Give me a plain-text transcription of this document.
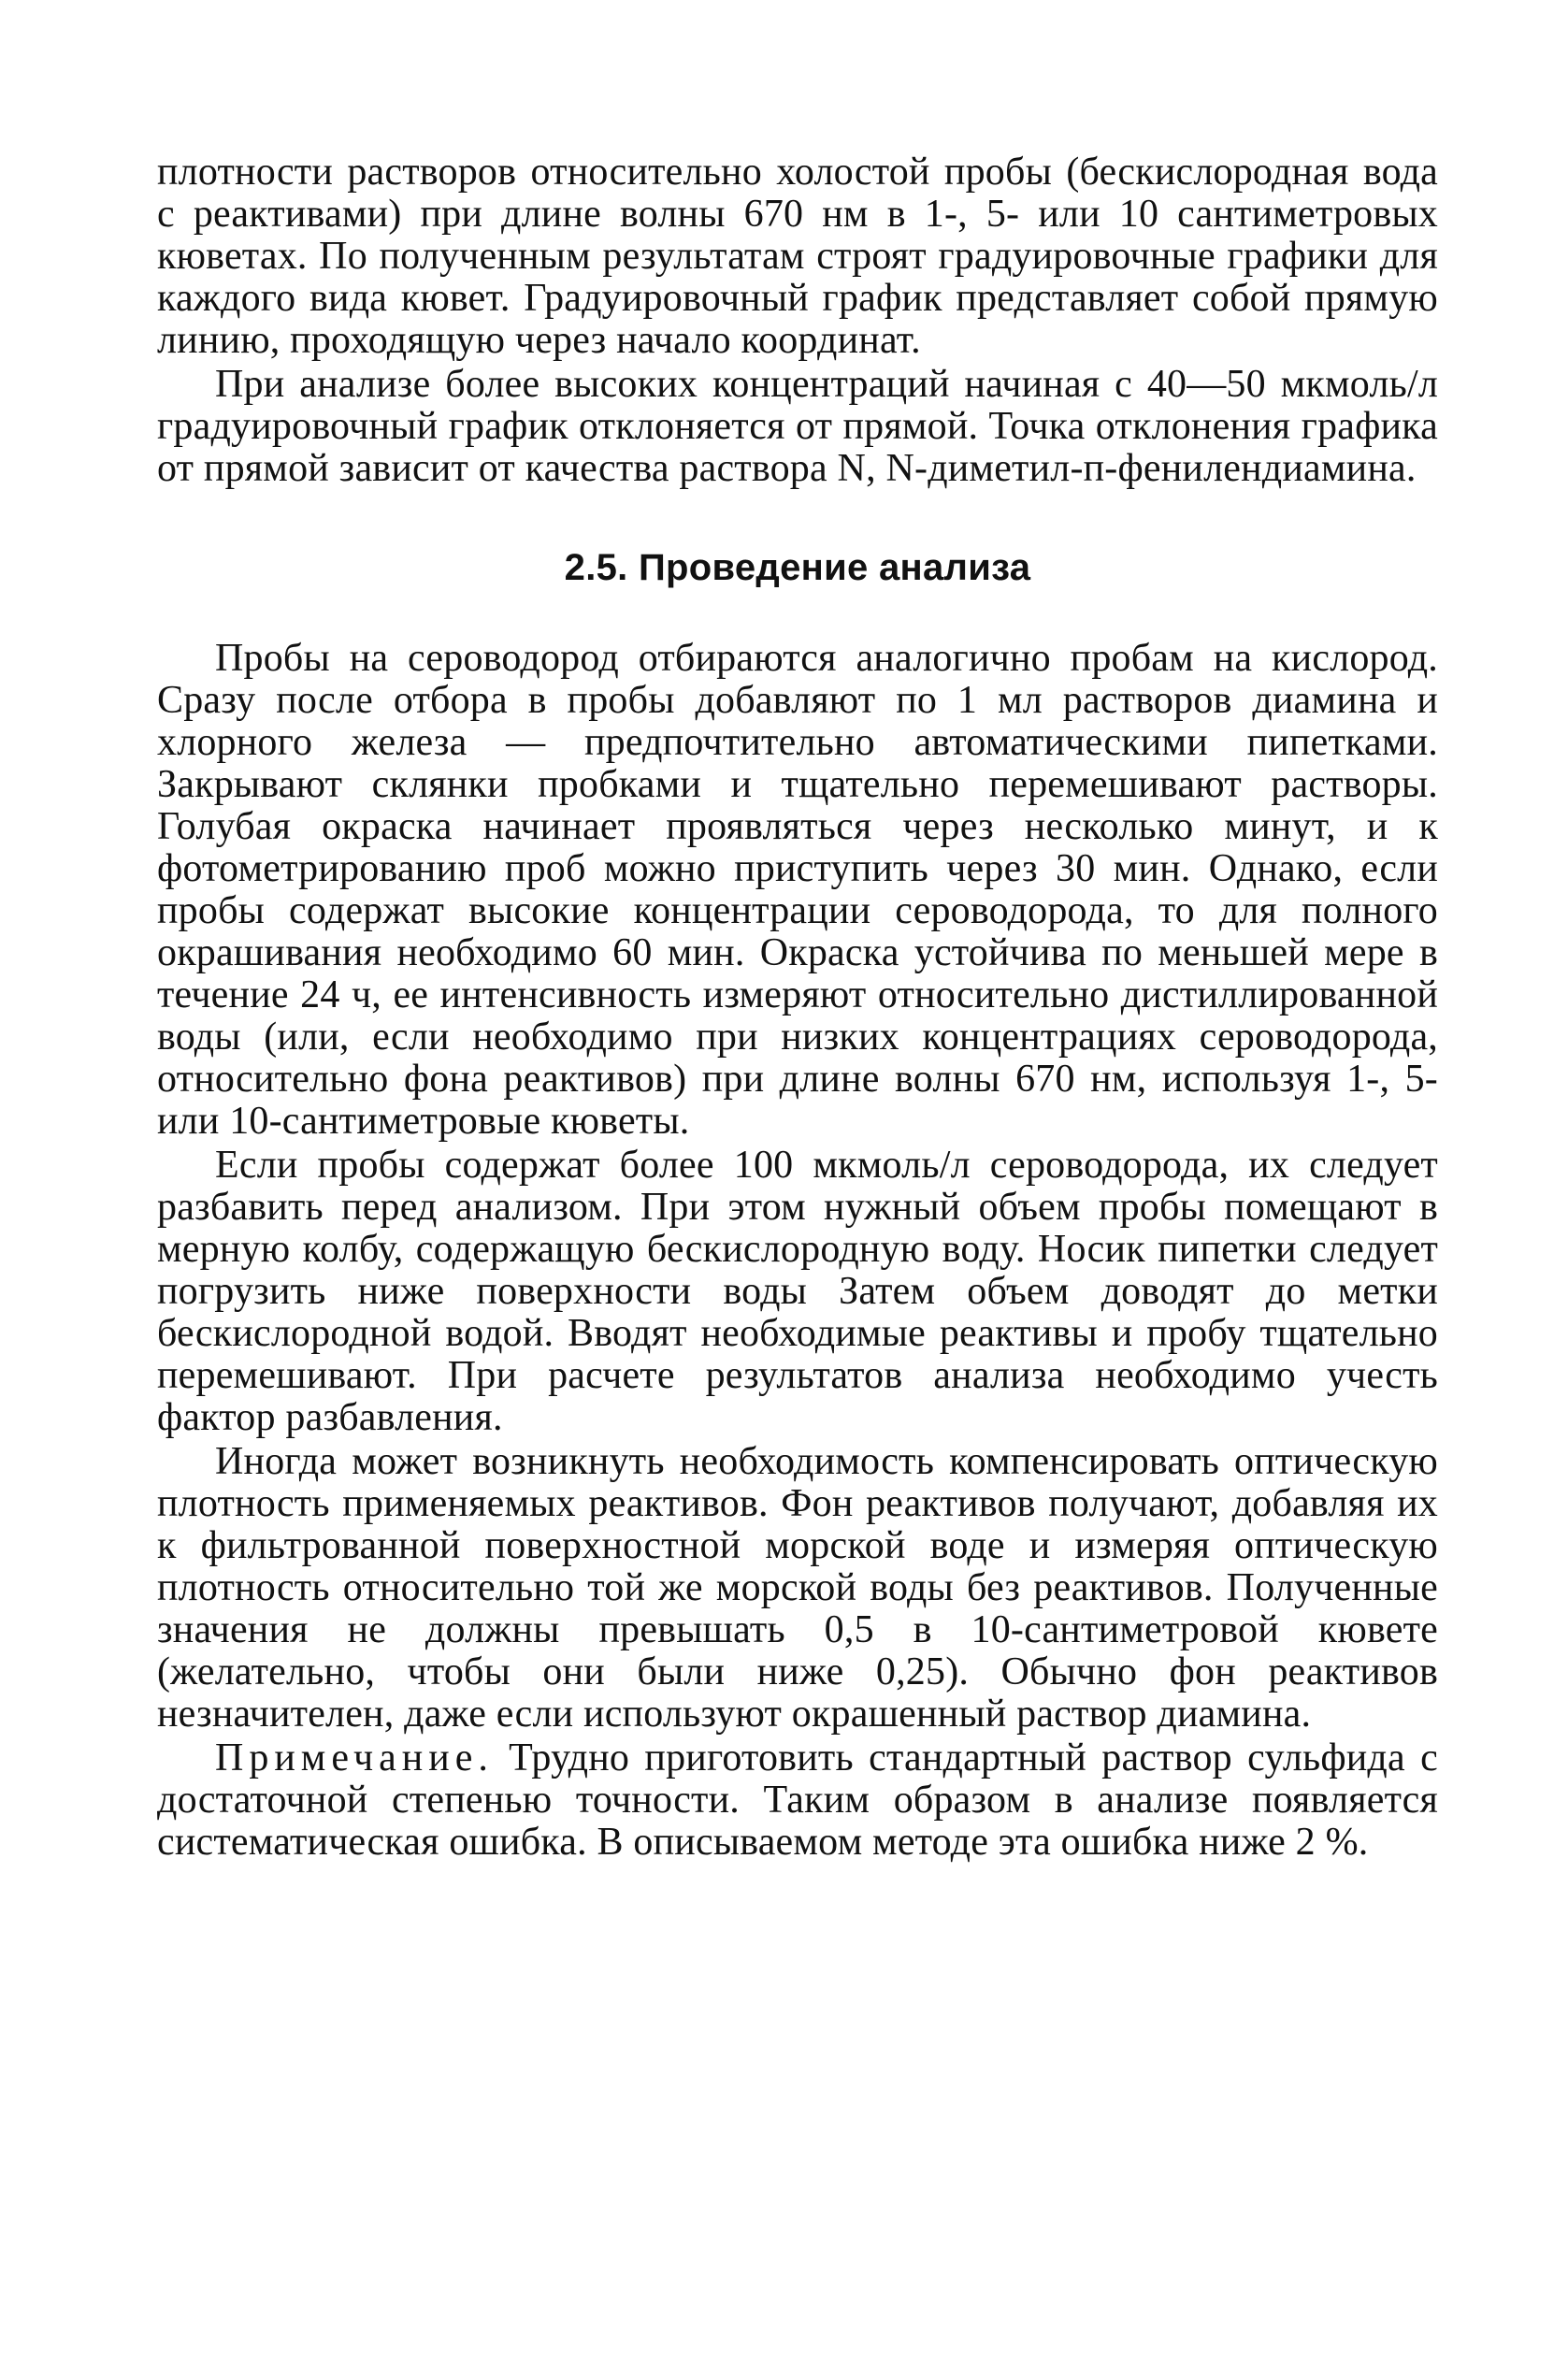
плотности растворов относительно холостой пробы (бескислородная вода с реактивами) при длине волны 670 нм в 1-, 5- или 10 сантиметровых кюветах. По полученным результатам строят градуировочные графики для каждого вида кювет. Градуировочный график представляет собой прямую линию, проходящую через начало координат.

При анализе более высоких концентраций начиная с 40—50 мкмоль/л градуировочный график отклоняется от прямой. Точка отклонения графика от прямой зависит от качества раствора N, N-диметил-п-фенилендиамина.

2.5. Проведение анализа

Пробы на сероводород отбираются аналогично пробам на кислород. Сразу после отбора в пробы добавляют по 1 мл растворов диамина и хлорного железа — предпочтительно автоматическими пипетками. Закрывают склянки пробками и тщательно перемешивают растворы. Голубая окраска начинает проявляться через несколько минут, и к фотометрированию проб можно приступить через 30 мин. Однако, если пробы содержат высокие концентрации сероводорода, то для полного окрашивания необходимо 60 мин. Окраска устойчива по меньшей мере в течение 24 ч, ее интенсивность измеряют относительно дистиллированной воды (или, если необходимо при низких концентрациях сероводорода, относительно фона реактивов) при длине волны 670 нм, используя 1-, 5- или 10-сантиметровые кюветы.

Если пробы содержат более 100 мкмоль/л сероводорода, их следует разбавить перед анализом. При этом нужный объем пробы помещают в мерную колбу, содержащую бескислородную воду. Носик пипетки следует погрузить ниже поверхности воды Затем объем доводят до метки бескислородной водой. Вводят необходимые реактивы и пробу тщательно перемешивают. При расчете результатов анализа необходимо учесть фактор разбавления.

Иногда может возникнуть необходимость компенсировать оптическую плотность применяемых реактивов. Фон реактивов получают, добавляя их к фильтрованной поверхностной морской воде и измеряя оптическую плотность относительно той же морской воды без реактивов. Полученные значения не должны превышать 0,5 в 10-сантиметровой кювете (желательно, чтобы они были ниже 0,25). Обычно фон реактивов незначителен, даже если используют окрашенный раствор диамина.

Примечание. Трудно приготовить стандартный раствор сульфида с достаточной степенью точности. Таким образом в анализе появляется систематическая ошибка. В описываемом методе эта ошибка ниже 2 %.
